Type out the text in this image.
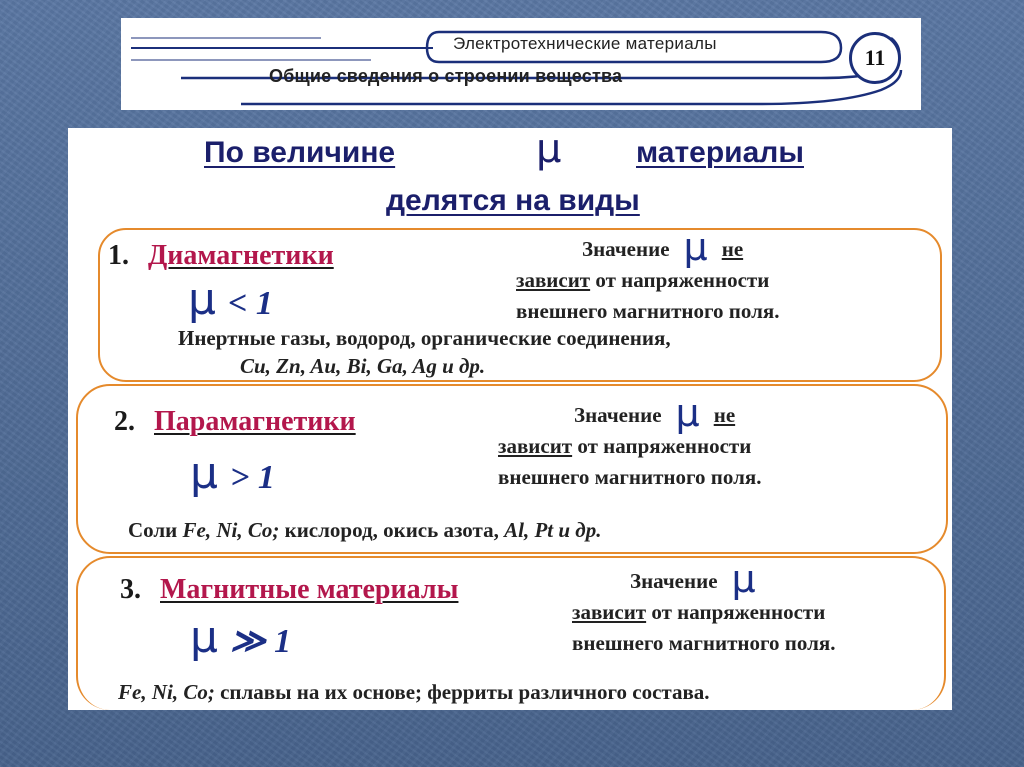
Электротехнические материалы
Общие сведения о строении вещества
11
По величине	μ материалы
делятся на виды
1. Диамагнетики
μ < 1
Значение μ не
зависит от напряженности
внешнего магнитного поля.
Инертные газы, водород, органические соединения,
Cu, Zn, Au, Bi, Ga, Ag и др.
2. Парамагнетики
μ > 1
Значение μ не
зависит от напряженности
внешнего магнитного поля.
Соли Fe, Ni, Co; кислород, окись азота, Al, Pt и др.
3. Магнитные материалы
μ ≫ 1
Значение μ
зависит от напряженности
внешнего магнитного поля.
Fe, Ni, Co; сплавы на их основе; ферриты различного состава.
